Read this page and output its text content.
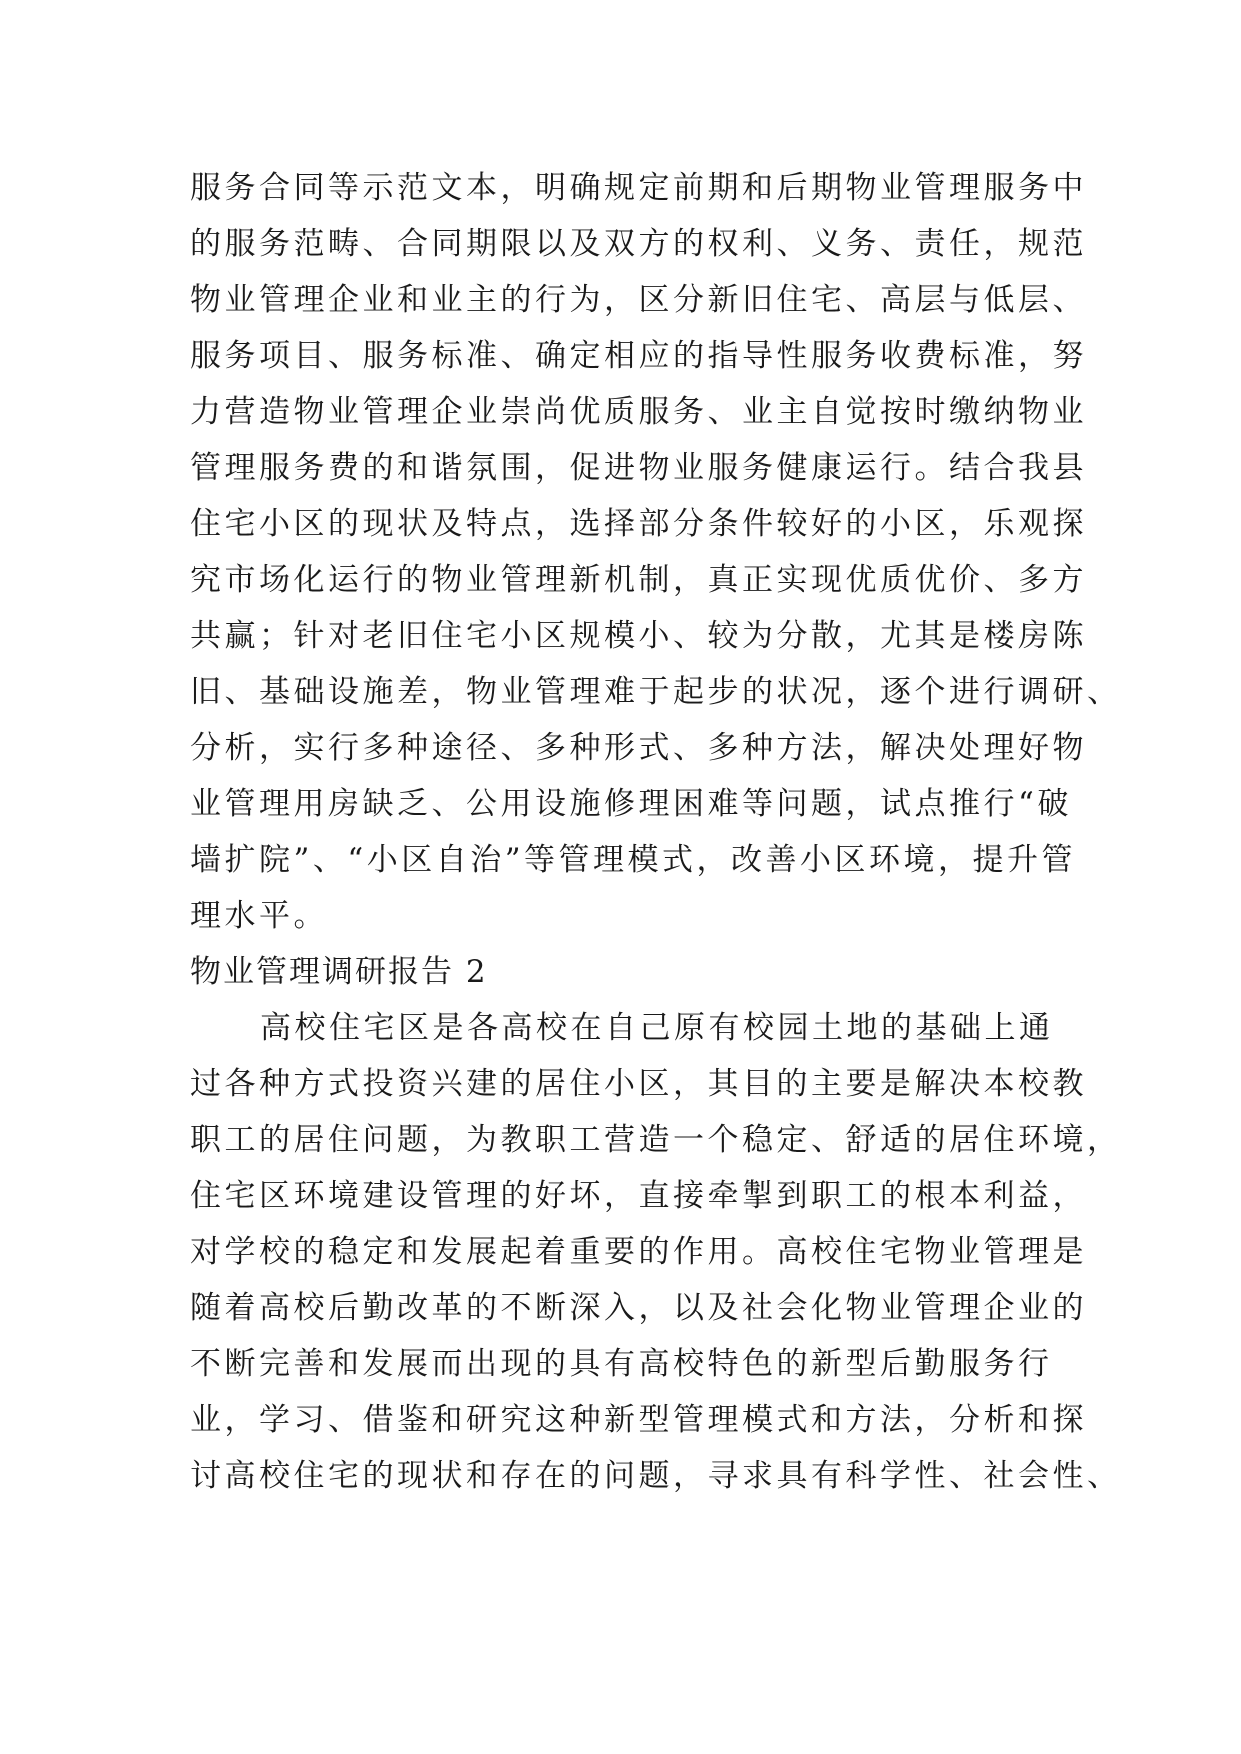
服务合同等示范文本，明确规定前期和后期物业管理服务中
的服务范畴、合同期限以及双方的权利、义务、责任，规范
物业管理企业和业主的行为，区分新旧住宅、高层与低层、
服务项目、服务标准、确定相应的指导性服务收费标准，努
力营造物业管理企业崇尚优质服务、业主自觉按时缴纳物业
管理服务费的和谐氛围，促进物业服务健康运行。结合我县
住宅小区的现状及特点，选择部分条件较好的小区，乐观探
究市场化运行的物业管理新机制，真正实现优质优价、多方
共赢；针对老旧住宅小区规模小、较为分散，尤其是楼房陈
旧、基础设施差，物业管理难于起步的状况，逐个进行调研、
分析，实行多种途径、多种形式、多种方法，解决处理好物
业管理用房缺乏、公用设施修理困难等问题，试点推行“破
墙扩院”、“小区自治”等管理模式，改善小区环境，提升管
理水平。
物业管理调研报告 2
高校住宅区是各高校在自己原有校园土地的基础上通
过各种方式投资兴建的居住小区，其目的主要是解决本校教
职工的居住问题，为教职工营造一个稳定、舒适的居住环境，
住宅区环境建设管理的好坏，直接牵掣到职工的根本利益，
对学校的稳定和发展起着重要的作用。高校住宅物业管理是
随着高校后勤改革的不断深入，以及社会化物业管理企业的
不断完善和发展而出现的具有高校特色的新型后勤服务行
业，学习、借鉴和研究这种新型管理模式和方法，分析和探
讨高校住宅的现状和存在的问题，寻求具有科学性、社会性、
